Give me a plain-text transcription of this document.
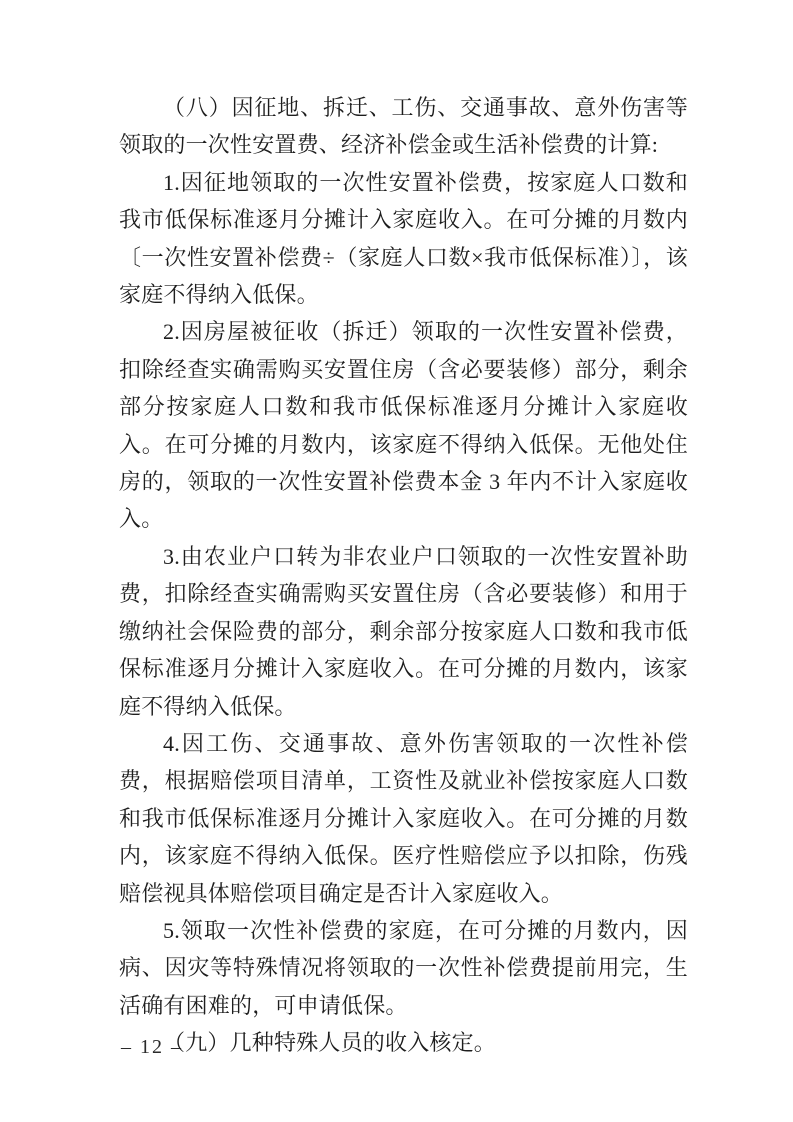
（八）因征地、拆迁、工伤、交通事故、意外伤害等领取的一次性安置费、经济补偿金或生活补偿费的计算:

1.因征地领取的一次性安置补偿费，按家庭人口数和我市低保标准逐月分摊计入家庭收入。在可分摊的月数内〔一次性安置补偿费÷（家庭人口数×我市低保标准）〕，该家庭不得纳入低保。

2.因房屋被征收（拆迁）领取的一次性安置补偿费，扣除经查实确需购买安置住房（含必要装修）部分，剩余部分按家庭人口数和我市低保标准逐月分摊计入家庭收入。在可分摊的月数内，该家庭不得纳入低保。无他处住房的，领取的一次性安置补偿费本金 3 年内不计入家庭收入。

3.由农业户口转为非农业户口领取的一次性安置补助费，扣除经查实确需购买安置住房（含必要装修）和用于缴纳社会保险费的部分，剩余部分按家庭人口数和我市低保标准逐月分摊计入家庭收入。在可分摊的月数内，该家庭不得纳入低保。

4.因工伤、交通事故、意外伤害领取的一次性补偿费，根据赔偿项目清单，工资性及就业补偿按家庭人口数和我市低保标准逐月分摊计入家庭收入。在可分摊的月数内，该家庭不得纳入低保。医疗性赔偿应予以扣除，伤残赔偿视具体赔偿项目确定是否计入家庭收入。

5.领取一次性补偿费的家庭，在可分摊的月数内，因病、因灾等特殊情况将领取的一次性补偿费提前用完，生活确有困难的，可申请低保。

（九）几种特殊人员的收入核定。

– 12 –
